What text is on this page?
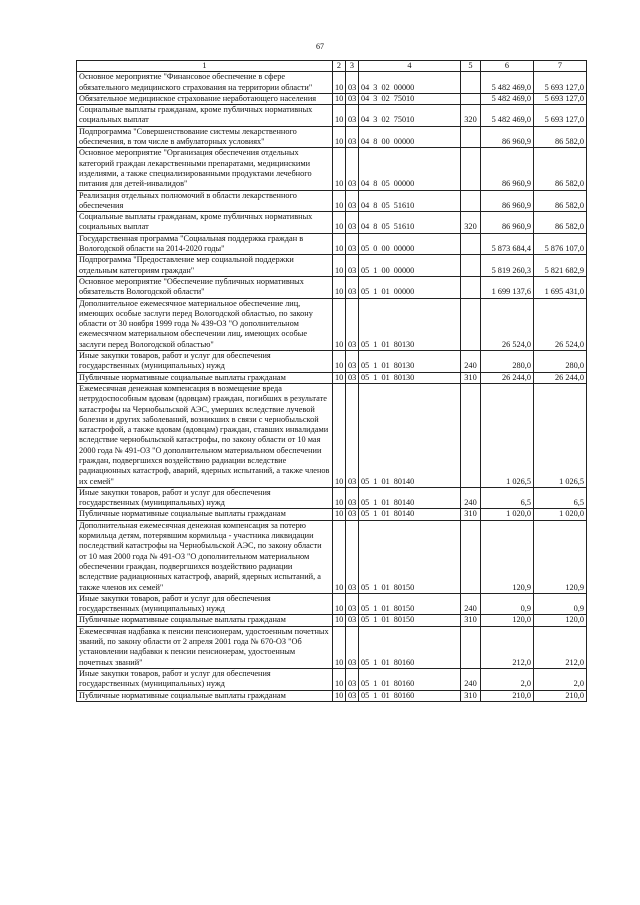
67
1	2	3	4	5	6	7
Основное мероприятие "Финансовое обеспечение в сфере обязательного медицинского страхования на территории области"	10	03	04  3  02  00000		5 482 469,0	5 693 127,0
Обязательное медицинское страхование неработающего населения	10	03	04  3  02  75010		5 482 469,0	5 693 127,0
Социальные выплаты гражданам, кроме публичных нормативных социальных выплат	10	03	04  3  02  75010	320	5 482 469,0	5 693 127,0
Подпрограмма "Совершенствование системы лекарственного обеспечения, в том числе в амбулаторных условиях"	10	03	04  8  00  00000		86 960,9	86 582,0
Основное мероприятие "Организация обеспечения отдельных категорий граждан лекарственными препаратами, медицинскими изделиями, а также специализированными продуктами лечебного питания для детей-инвалидов"	10	03	04  8  05  00000		86 960,9	86 582,0
Реализация отдельных полномочий в области лекарственного обеспечения	10	03	04  8  05  51610		86 960,9	86 582,0
Социальные выплаты гражданам, кроме публичных нормативных социальных выплат	10	03	04  8  05  51610	320	86 960,9	86 582,0
Государственная программа "Социальная поддержка граждан в Вологодской области на 2014-2020 годы"	10	03	05  0  00  00000		5 873 684,4	5 876 107,0
Подпрограмма "Предоставление мер социальной поддержки отдельным категориям граждан"	10	03	05  1  00  00000		5 819 260,3	5 821 682,9
Основное мероприятие "Обеспечение публичных нормативных обязательств Вологодской области"	10	03	05  1  01  00000		1 699 137,6	1 695 431,0
Дополнительное ежемесячное материальное обеспечение лиц, имеющих особые заслуги перед Вологодской областью, по закону области от 30 ноября 1999 года № 439-ОЗ "О дополнительном ежемесячном материальном обеспечении лиц, имеющих особые заслуги перед Вологодской областью"	10	03	05  1  01  80130		26 524,0	26 524,0
Иные закупки товаров, работ и услуг для обеспечения государственных (муниципальных) нужд	10	03	05  1  01  80130	240	280,0	280,0
Публичные нормативные социальные выплаты гражданам	10	03	05  1  01  80130	310	26 244,0	26 244,0
Ежемесячная денежная компенсация в возмещение вреда нетрудоспособным вдовам (вдовцам) граждан, погибших в результате катастрофы на Чернобыльской АЭС, умерших вследствие лучевой болезни и других заболеваний, возникших в связи с чернобыльской катастрофой, а также вдовам (вдовцам) граждан, ставших инвалидами вследствие чернобыльской катастрофы, по закону области от 10 мая 2000 года № 491-ОЗ "О дополнительном материальном обеспечении граждан, подвергшихся воздействию радиации вследствие радиационных катастроф, аварий, ядерных испытаний, а также членов их семей"	10	03	05  1  01  80140		1 026,5	1 026,5
Иные закупки товаров, работ и услуг для обеспечения государственных (муниципальных) нужд	10	03	05  1  01  80140	240	6,5	6,5
Публичные нормативные социальные выплаты гражданам	10	03	05  1  01  80140	310	1 020,0	1 020,0
Дополнительная ежемесячная денежная компенсация за потерю кормильца детям, потерявшим кормильца - участника ликвидации последствий катастрофы на Чернобыльской АЭС, по закону области от 10 мая 2000 года № 491-ОЗ "О дополнительном материальном обеспечении граждан, подвергшихся воздействию радиации вследствие радиационных катастроф, аварий, ядерных испытаний, а также членов их семей"	10	03	05  1  01  80150		120,9	120,9
Иные закупки товаров, работ и услуг для обеспечения государственных (муниципальных) нужд	10	03	05  1  01  80150	240	0,9	0,9
Публичные нормативные социальные выплаты гражданам	10	03	05  1  01  80150	310	120,0	120,0
Ежемесячная надбавка к пенсии пенсионерам, удостоенным почетных званий, по закону области от 2 апреля 2001 года № 670-ОЗ "Об установлении надбавки к пенсии пенсионерам, удостоенным почетных званий"	10	03	05  1  01  80160		212,0	212,0
Иные закупки товаров, работ и услуг для обеспечения государственных (муниципальных) нужд	10	03	05  1  01  80160	240	2,0	2,0
Публичные нормативные социальные выплаты гражданам	10	03	05  1  01  80160	310	210,0	210,0
